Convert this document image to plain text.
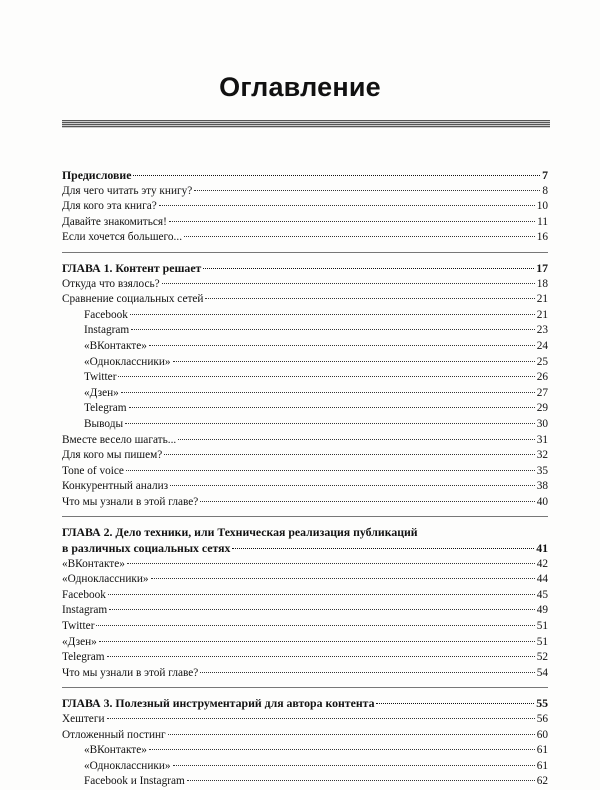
Оглавление
Предисловие	7
Для чего читать эту книгу?	8
Для кого эта книга?	10
Давайте знакомиться!	11
Если хочется большего...	16
ГЛАВА 1. Контент решает	17
Откуда что взялось?	18
Сравнение социальных сетей	21
Facebook	21
Instagram	23
«ВКонтакте»	24
«Одноклассники»	25
Twitter	26
«Дзен»	27
Telegram	29
Выводы	30
Вместе весело шагать...	31
Для кого мы пишем?	32
Tone of voice	35
Конкурентный анализ	38
Что мы узнали в этой главе?	40
ГЛАВА 2. Дело техники, или Техническая реализация публикаций
в различных социальных сетях	41
«ВКонтакте»	42
«Одноклассники»	44
Facebook	45
Instagram	49
Twitter	51
«Дзен»	51
Telegram	52
Что мы узнали в этой главе?	54
ГЛАВА 3. Полезный инструментарий для автора контента	55
Хештеги	56
Отложенный постинг	60
«ВКонтакте»	61
«Одноклассники»	61
Facebook и Instagram	62
